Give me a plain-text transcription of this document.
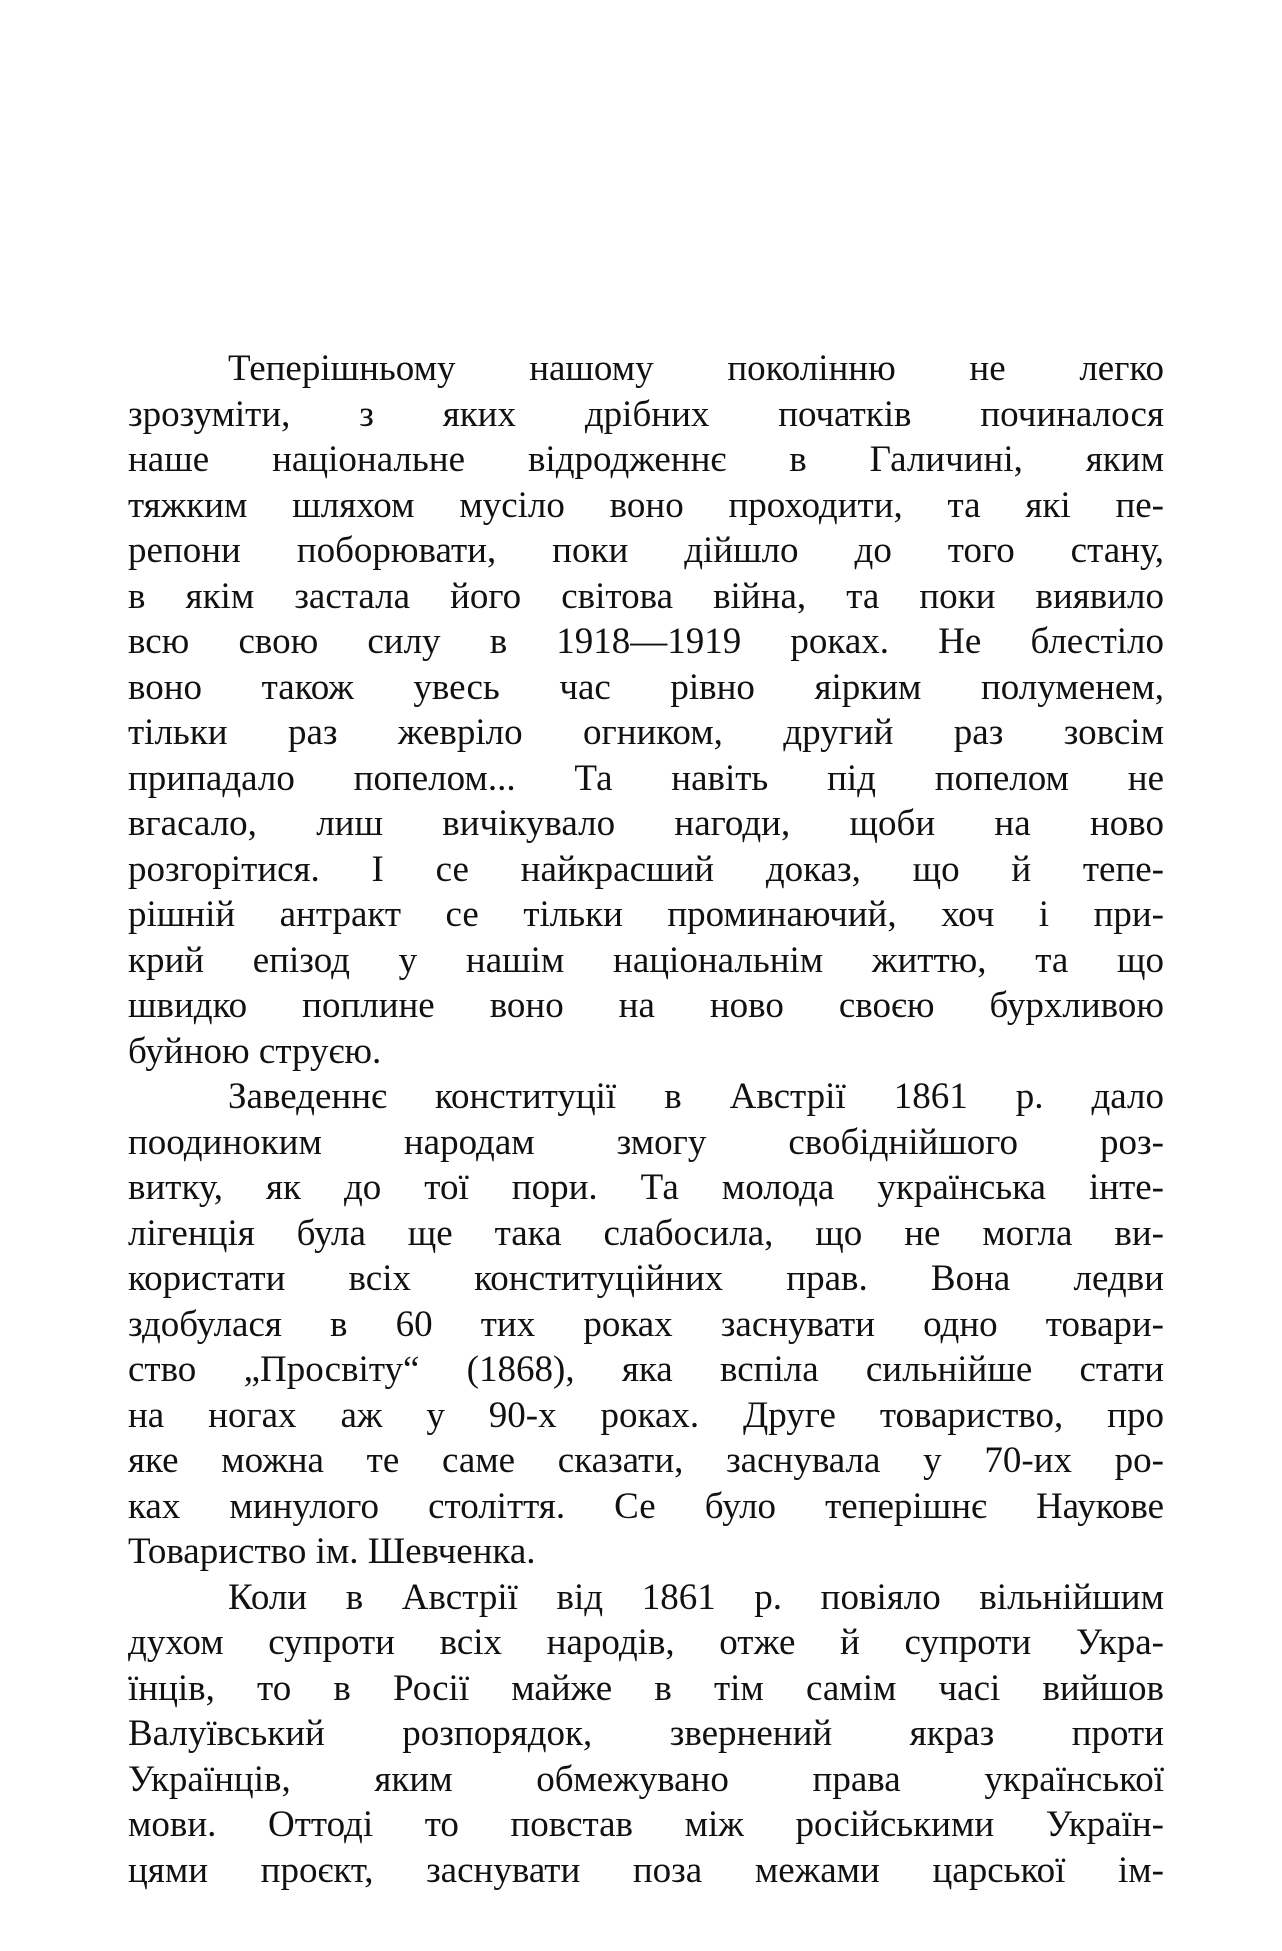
Теперішньому нашому поколінню не легко
зрозуміти, з яких дрібних початків починалося
наше національне відродженнє в Галичині, яким
тяжким шляхом мусіло воно проходити, та які пе-
репони поборювати, поки дійшло до того стану,
в якім застала його світова війна, та поки виявило
всю свою силу в 1918—1919 роках. Не блестіло
воно також увесь час рівно яірким полуменем,
тільки раз жевріло огником, другий раз зовсім
припадало попелом... Та навіть під попелом не
вгасало, лиш вичікувало нагоди, щоби на ново
розгорітися. І се найкрасший доказ, що й тепе-
рішній антракт се тільки проминаючий, хоч і при-
крий епізод у нашім національнім життю, та що
швидко поплине воно на ново своєю бурхливою
буйною струєю.
Заведеннє конституції в Австрії 1861 р. дало
поодиноким народам змогу свобіднійшого роз-
витку, як до тої пори. Та молода українська інте-
лігенція була ще така слабосила, що не могла ви-
користати всіх конституційних прав. Вона ледви
здобулася в 60 тих роках заснувати одно товари-
ство „Просвіту“ (1868), яка вспіла сильнійше стати
на ногах аж у 90-х роках. Друге товариство, про
яке можна те саме сказати, заснувала у 70-их ро-
ках минулого століття. Се було теперішнє Наукове
Товариство ім. Шевченка.
Коли в Австрії від 1861 р. повіяло вільнійшим
духом супроти всіх народів, отже й супроти Укра-
їнців, то в Росії майже в тім самім часі вийшов
Валуївський розпорядок, звернений якраз проти
Українців, яким обмежувано права української
мови. Оттоді то повстав між російськими Україн-
цями проєкт, заснувати поза межами царської ім-
